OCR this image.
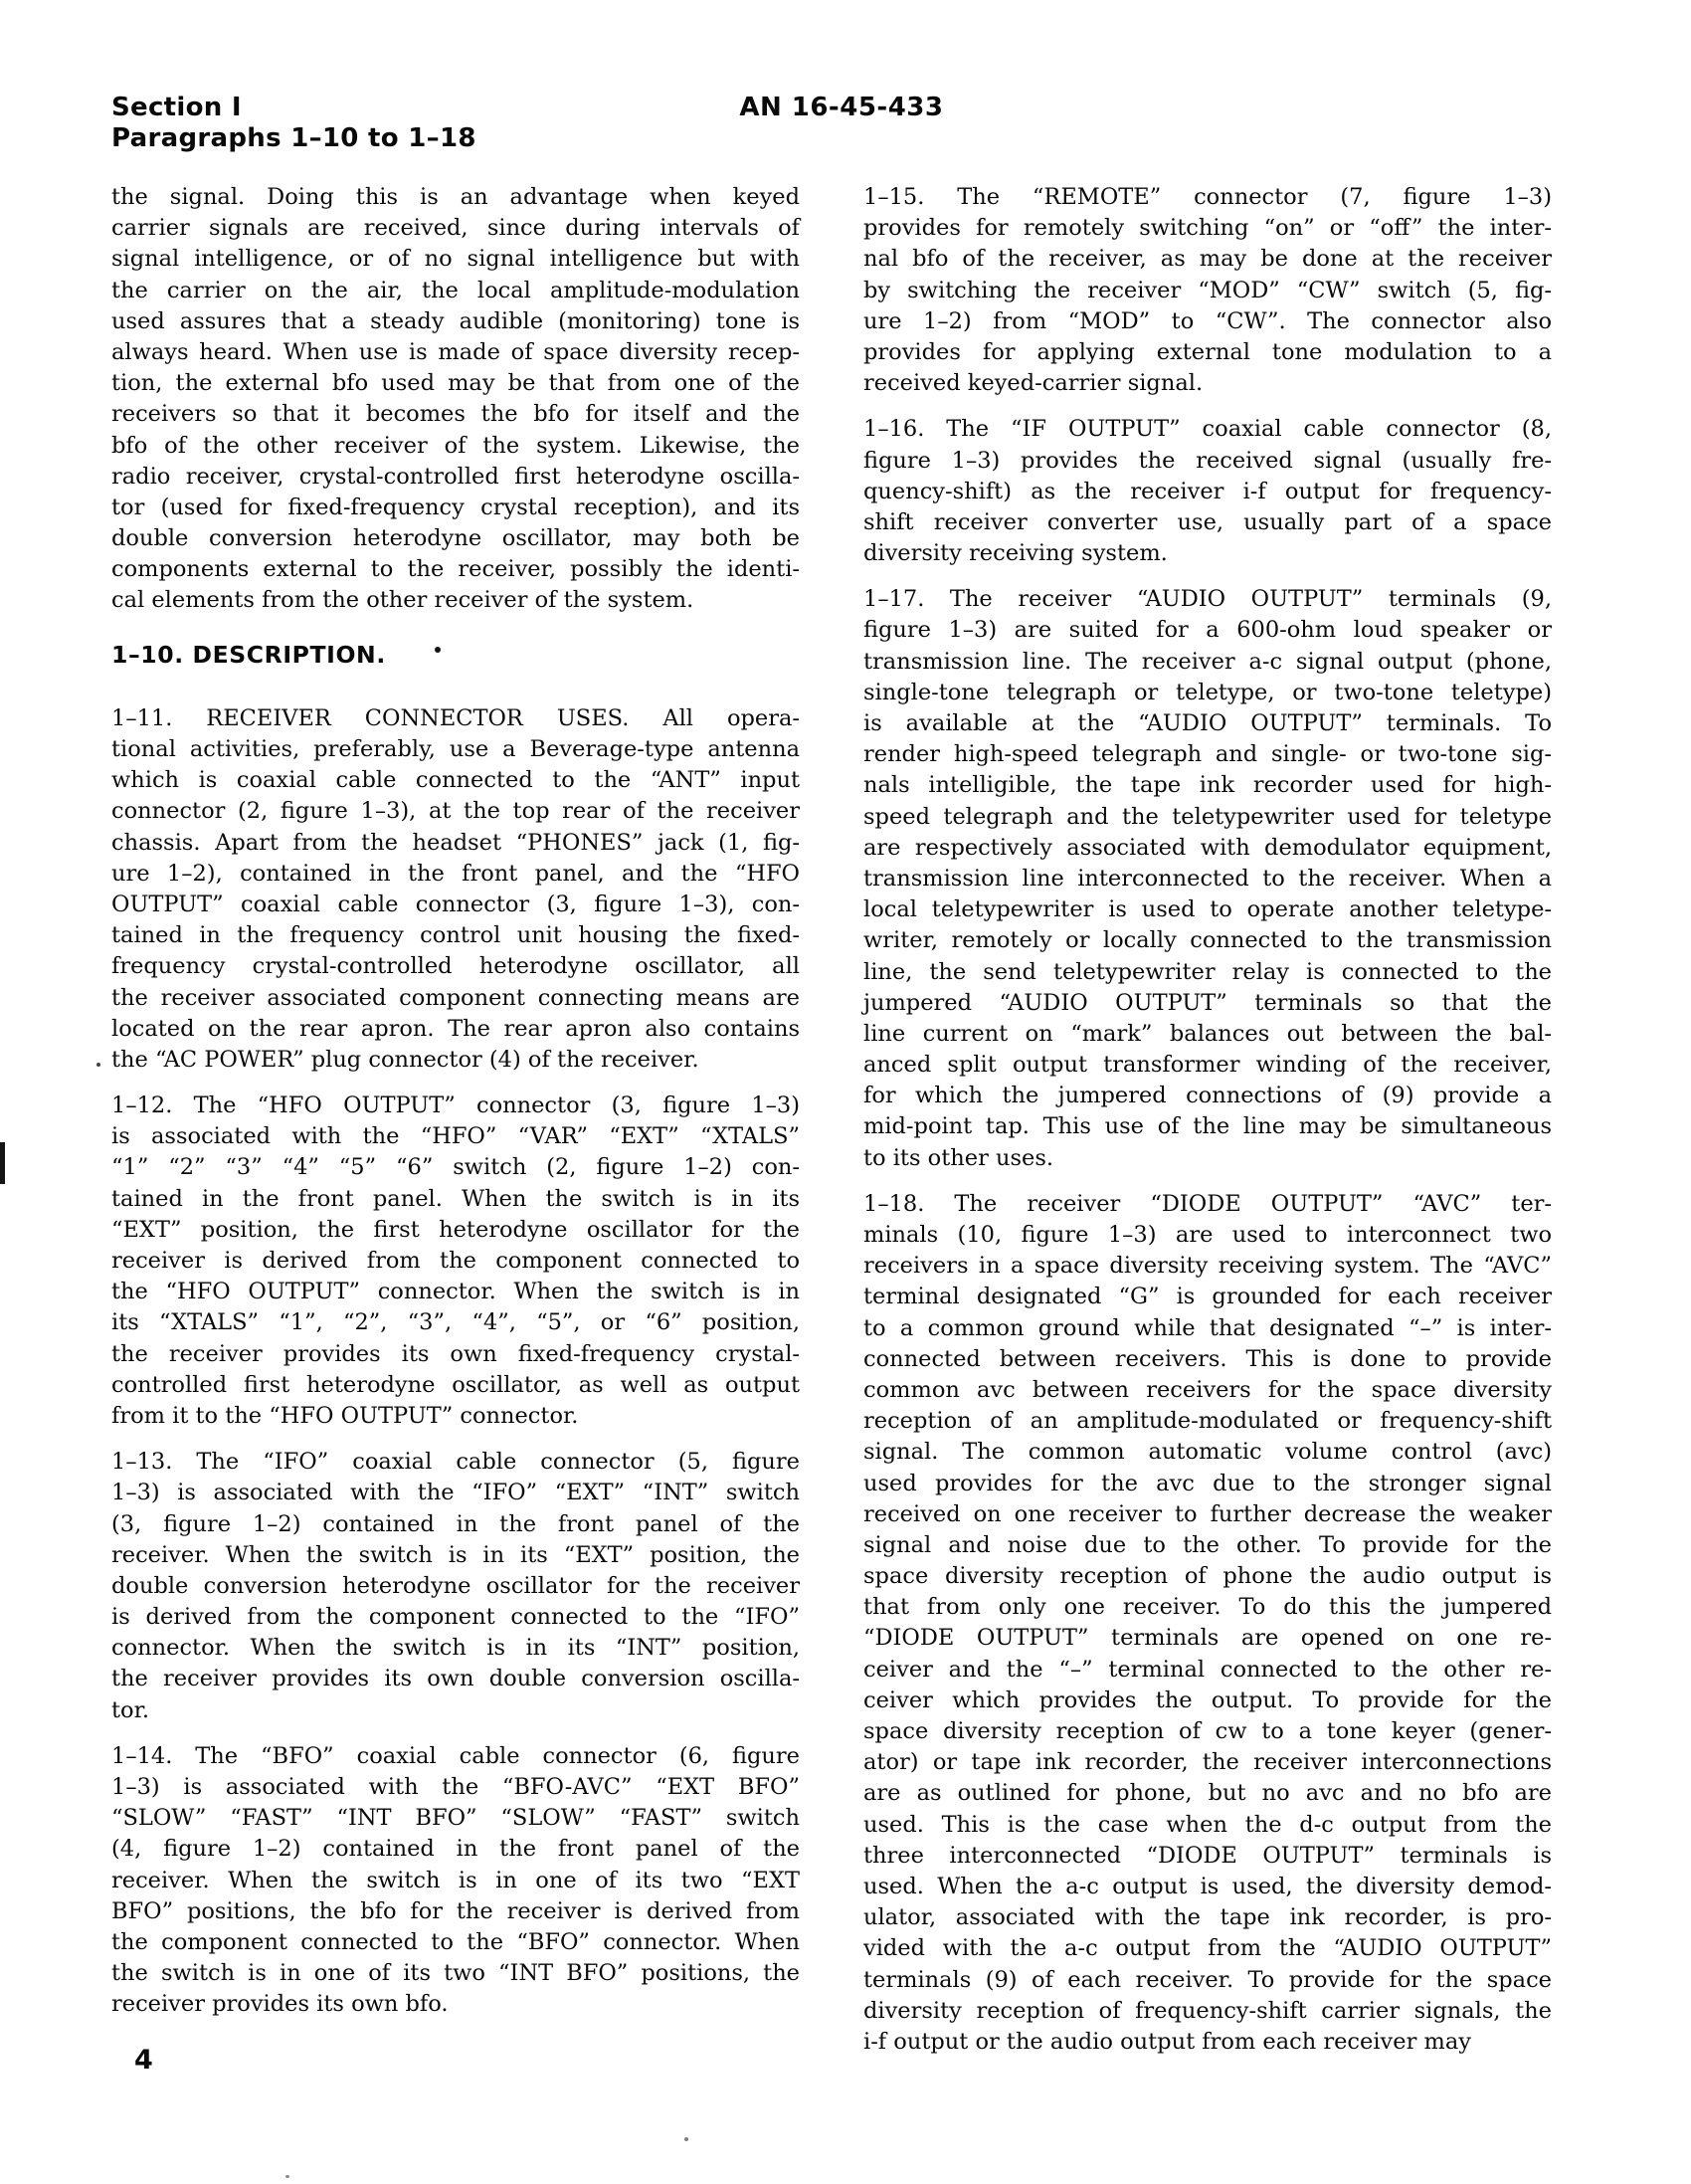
Section I
Paragraphs 1–10 to 1–18
AN 16-45-433
the signal. Doing this is an advantage when keyed
carrier signals are received, since during intervals of
signal intelligence, or of no signal intelligence but with
the carrier on the air, the local amplitude-modulation
used assures that a steady audible (monitoring) tone is
always heard. When use is made of space diversity recep-
tion, the external bfo used may be that from one of the
receivers so that it becomes the bfo for itself and the
bfo of the other receiver of the system. Likewise, the
radio receiver, crystal-controlled first heterodyne oscilla-
tor (used for fixed-frequency crystal reception), and its
double conversion heterodyne oscillator, may both be
components external to the receiver, possibly the identi-
cal elements from the other receiver of the system.
1–10. DESCRIPTION.
1–11. RECEIVER CONNECTOR USES. All opera-
tional activities, preferably, use a Beverage-type antenna
which is coaxial cable connected to the “ANT” input
connector (2, figure 1–3), at the top rear of the receiver
chassis. Apart from the headset “PHONES” jack (1, fig-
ure 1–2), contained in the front panel, and the “HFO
OUTPUT” coaxial cable connector (3, figure 1–3), con-
tained in the frequency control unit housing the fixed-
frequency crystal-controlled heterodyne oscillator, all
the receiver associated component connecting means are
located on the rear apron. The rear apron also contains
the “AC POWER” plug connector (4) of the receiver.
1–12. The “HFO OUTPUT” connector (3, figure 1–3)
is associated with the “HFO” “VAR” “EXT” “XTALS”
“1” “2” “3” “4” “5” “6” switch (2, figure 1–2) con-
tained in the front panel. When the switch is in its
“EXT” position, the first heterodyne oscillator for the
receiver is derived from the component connected to
the “HFO OUTPUT” connector. When the switch is in
its “XTALS” “1”, “2”, “3”, “4”, “5”, or “6” position,
the receiver provides its own fixed-frequency crystal-
controlled first heterodyne oscillator, as well as output
from it to the “HFO OUTPUT” connector.
1–13. The “IFO” coaxial cable connector (5, figure
1–3) is associated with the “IFO” “EXT” “INT” switch
(3, figure 1–2) contained in the front panel of the
receiver. When the switch is in its “EXT” position, the
double conversion heterodyne oscillator for the receiver
is derived from the component connected to the “IFO”
connector. When the switch is in its “INT” position,
the receiver provides its own double conversion oscilla-
tor.
1–14. The “BFO” coaxial cable connector (6, figure
1–3) is associated with the “BFO-AVC” “EXT BFO”
“SLOW” “FAST” “INT BFO” “SLOW” “FAST” switch
(4, figure 1–2) contained in the front panel of the
receiver. When the switch is in one of its two “EXT
BFO” positions, the bfo for the receiver is derived from
the component connected to the “BFO” connector. When
the switch is in one of its two “INT BFO” positions, the
receiver provides its own bfo.
1–15. The “REMOTE” connector (7, figure 1–3)
provides for remotely switching “on” or “off” the inter-
nal bfo of the receiver, as may be done at the receiver
by switching the receiver “MOD” “CW” switch (5, fig-
ure 1–2) from “MOD” to “CW”. The connector also
provides for applying external tone modulation to a
received keyed-carrier signal.
1–16. The “IF OUTPUT” coaxial cable connector (8,
figure 1–3) provides the received signal (usually fre-
quency-shift) as the receiver i-f output for frequency-
shift receiver converter use, usually part of a space
diversity receiving system.
1–17. The receiver “AUDIO OUTPUT” terminals (9,
figure 1–3) are suited for a 600-ohm loud speaker or
transmission line. The receiver a-c signal output (phone,
single-tone telegraph or teletype, or two-tone teletype)
is available at the “AUDIO OUTPUT” terminals. To
render high-speed telegraph and single- or two-tone sig-
nals intelligible, the tape ink recorder used for high-
speed telegraph and the teletypewriter used for teletype
are respectively associated with demodulator equipment,
transmission line interconnected to the receiver. When a
local teletypewriter is used to operate another teletype-
writer, remotely or locally connected to the transmission
line, the send teletypewriter relay is connected to the
jumpered “AUDIO OUTPUT” terminals so that the
line current on “mark” balances out between the bal-
anced split output transformer winding of the receiver,
for which the jumpered connections of (9) provide a
mid-point tap. This use of the line may be simultaneous
to its other uses.
1–18. The receiver “DIODE OUTPUT” “AVC” ter-
minals (10, figure 1–3) are used to interconnect two
receivers in a space diversity receiving system. The “AVC”
terminal designated “G” is grounded for each receiver
to a common ground while that designated “–” is inter-
connected between receivers. This is done to provide
common avc between receivers for the space diversity
reception of an amplitude-modulated or frequency-shift
signal. The common automatic volume control (avc)
used provides for the avc due to the stronger signal
received on one receiver to further decrease the weaker
signal and noise due to the other. To provide for the
space diversity reception of phone the audio output is
that from only one receiver. To do this the jumpered
“DIODE OUTPUT” terminals are opened on one re-
ceiver and the “–” terminal connected to the other re-
ceiver which provides the output. To provide for the
space diversity reception of cw to a tone keyer (gener-
ator) or tape ink recorder, the receiver interconnections
are as outlined for phone, but no avc and no bfo are
used. This is the case when the d-c output from the
three interconnected “DIODE OUTPUT” terminals is
used. When the a-c output is used, the diversity demod-
ulator, associated with the tape ink recorder, is pro-
vided with the a-c output from the “AUDIO OUTPUT”
terminals (9) of each receiver. To provide for the space
diversity reception of frequency-shift carrier signals, the
i-f output or the audio output from each receiver may
4
